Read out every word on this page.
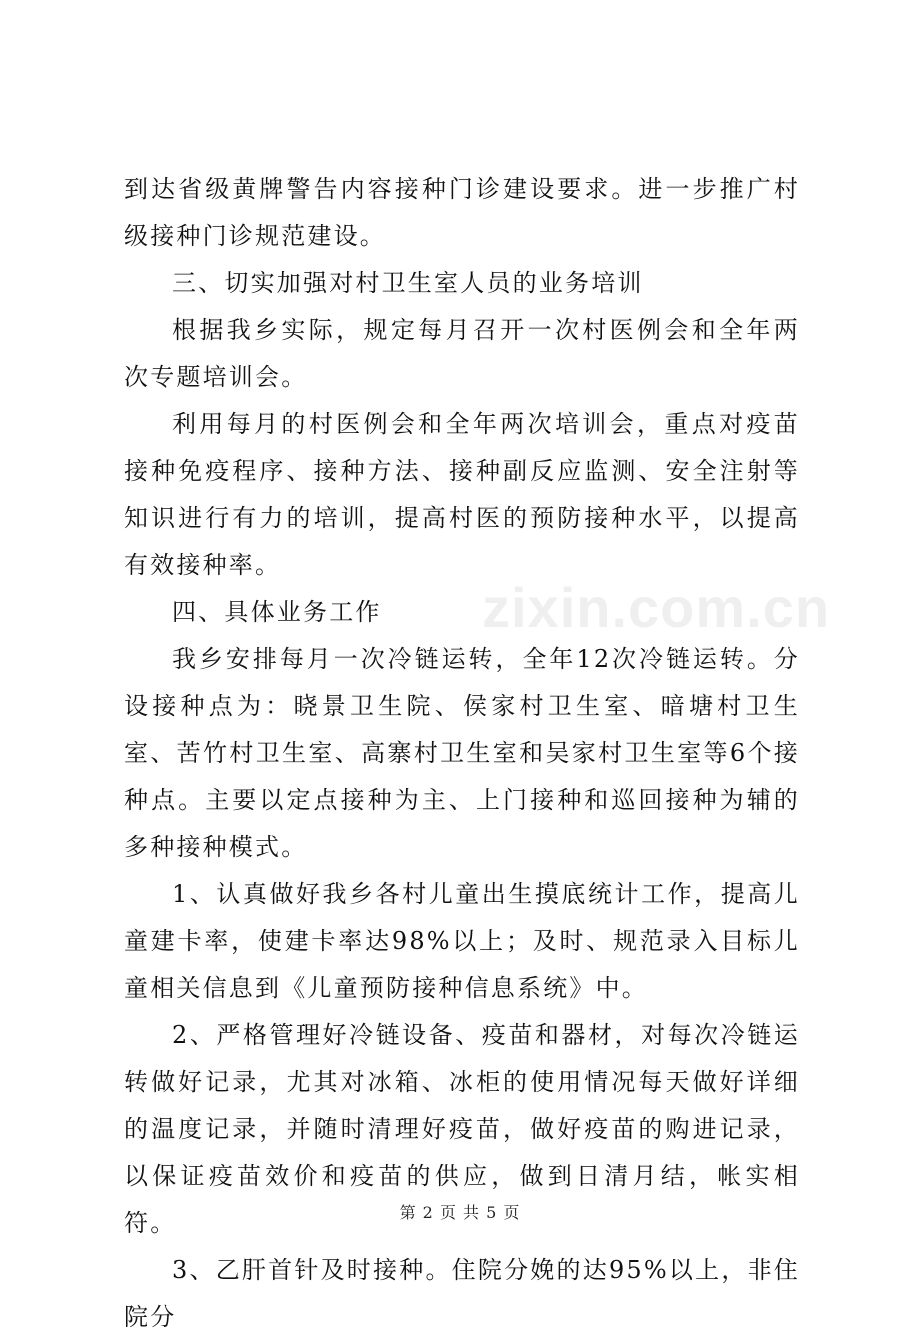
到达省级黄牌警告内容接种门诊建设要求。进一步推广村级接种门诊规范建设。

三、切实加强对村卫生室人员的业务培训

根据我乡实际，规定每月召开一次村医例会和全年两次专题培训会。

利用每月的村医例会和全年两次培训会，重点对疫苗接种免疫程序、接种方法、接种副反应监测、安全注射等知识进行有力的培训，提高村医的预防接种水平，以提高有效接种率。

四、具体业务工作

我乡安排每月一次冷链运转，全年12次冷链运转。分设接种点为：晓景卫生院、侯家村卫生室、暗塘村卫生室、苦竹村卫生室、高寨村卫生室和吴家村卫生室等6个接种点。主要以定点接种为主、上门接种和巡回接种为辅的多种接种模式。

1、认真做好我乡各村儿童出生摸底统计工作，提高儿童建卡率，使建卡率达98%以上；及时、规范录入目标儿童相关信息到《儿童预防接种信息系统》中。

2、严格管理好冷链设备、疫苗和器材，对每次冷链运转做好记录，尤其对冰箱、冰柜的使用情况每天做好详细的温度记录，并随时清理好疫苗，做好疫苗的购进记录，以保证疫苗效价和疫苗的供应，做到日清月结，帐实相符。

3、乙肝首针及时接种。住院分娩的达95%以上，非住院分

zixin.com.cn
第 2 页 共 5 页
